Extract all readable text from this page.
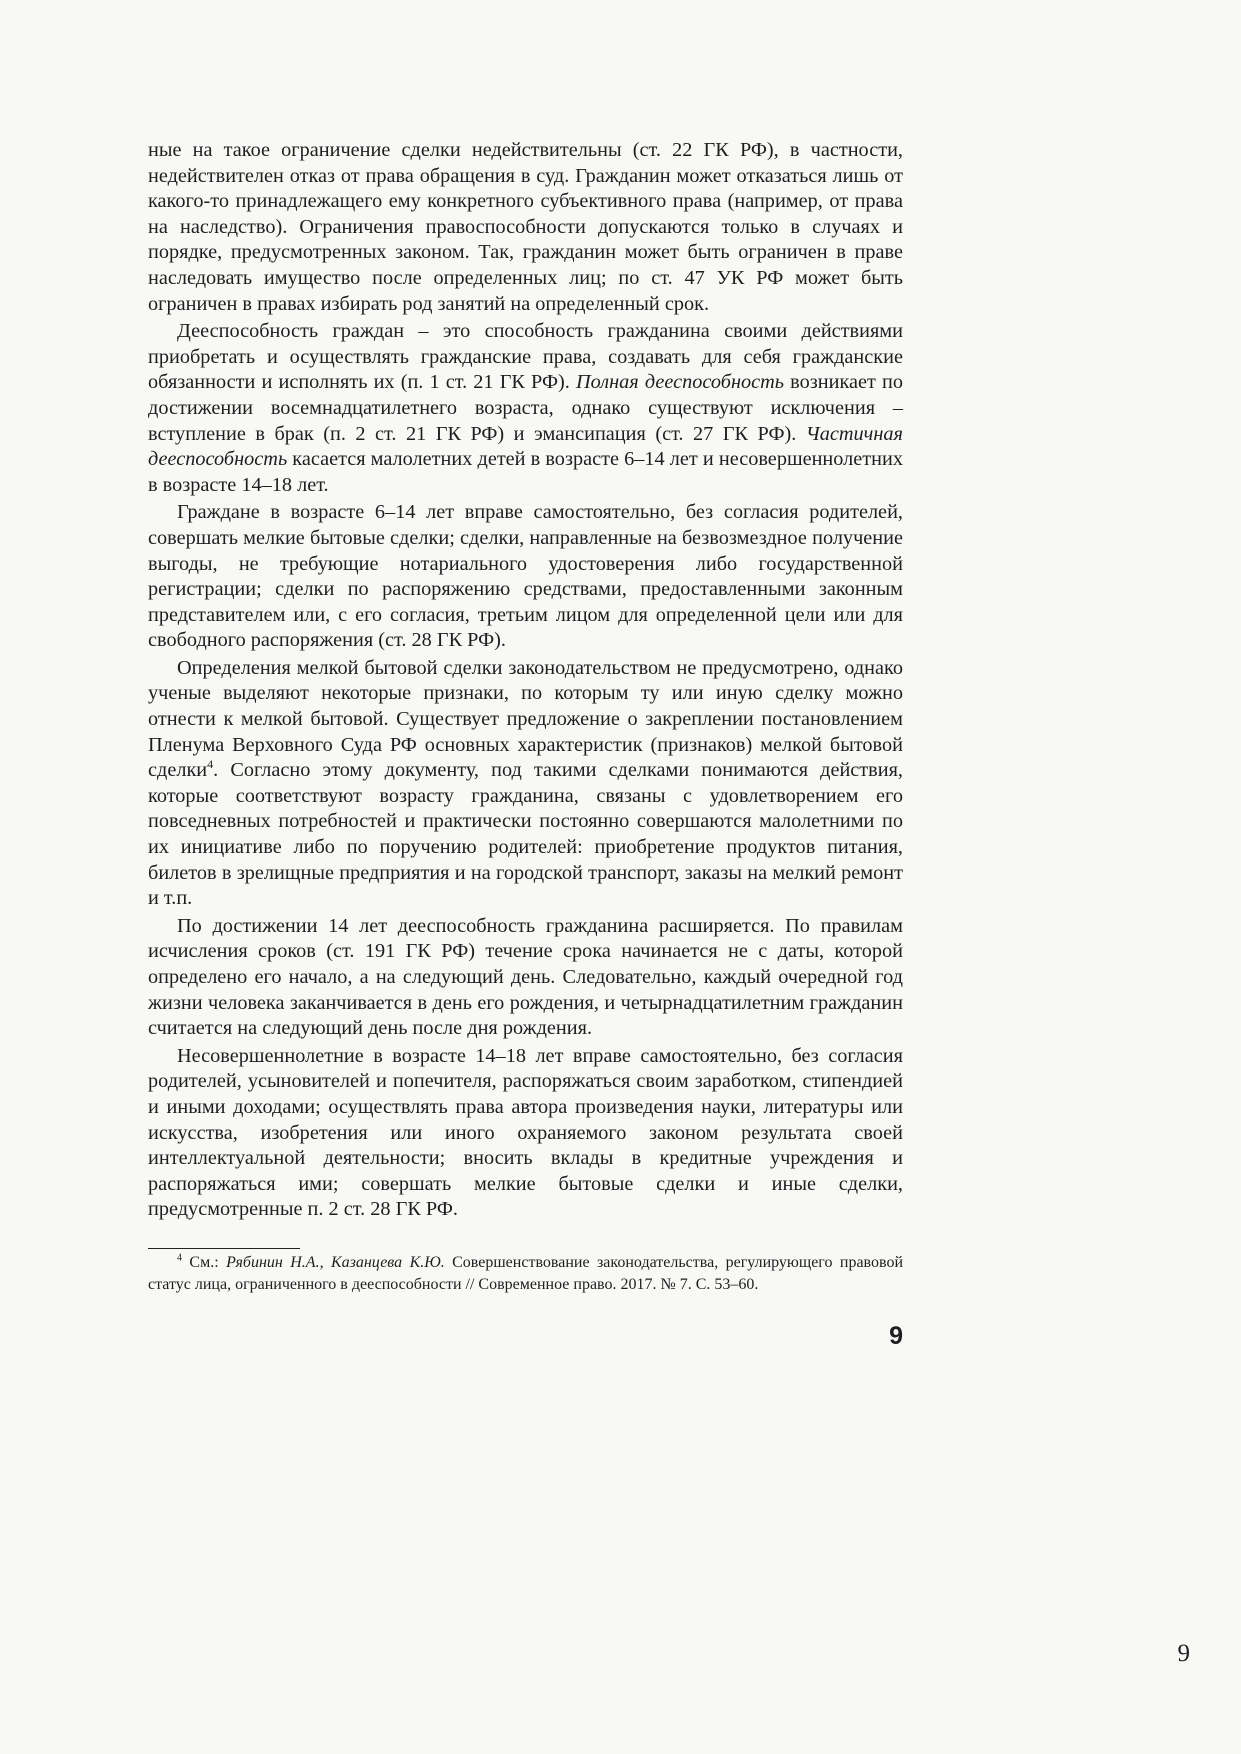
ные на такое ограничение сделки недействительны (ст. 22 ГК РФ), в частности, недействителен отказ от права обращения в суд. Гражданин может отказаться лишь от какого-то принадлежащего ему конкретного субъективного права (например, от права на наследство). Ограничения правоспособности допускаются только в случаях и порядке, предусмотренных законом. Так, гражданин может быть ограничен в праве наследовать имущество после определенных лиц; по ст. 47 УК РФ может быть ограничен в правах избирать род занятий на определенный срок.

Дееспособность граждан – это способность гражданина своими действиями приобретать и осуществлять гражданские права, создавать для себя гражданские обязанности и исполнять их (п. 1 ст. 21 ГК РФ). Полная дееспособность возникает по достижении восемнадцатилетнего возраста, однако существуют исключения – вступление в брак (п. 2 ст. 21 ГК РФ) и эмансипация (ст. 27 ГК РФ). Частичная дееспособность касается малолетних детей в возрасте 6–14 лет и несовершеннолетних в возрасте 14–18 лет.

Граждане в возрасте 6–14 лет вправе самостоятельно, без согласия родителей, совершать мелкие бытовые сделки; сделки, направленные на безвозмездное получение выгоды, не требующие нотариального удостоверения либо государственной регистрации; сделки по распоряжению средствами, предоставленными законным представителем или, с его согласия, третьим лицом для определенной цели или для свободного распоряжения (ст. 28 ГК РФ).

Определения мелкой бытовой сделки законодательством не предусмотрено, однако ученые выделяют некоторые признаки, по которым ту или иную сделку можно отнести к мелкой бытовой. Существует предложение о закреплении постановлением Пленума Верховного Суда РФ основных характеристик (признаков) мелкой бытовой сделки$^4$. Согласно этому документу, под такими сделками понимаются действия, которые соответствуют возрасту гражданина, связаны с удовлетворением его повседневных потребностей и практически постоянно совершаются малолетними по их инициативе либо по поручению родителей: приобретение продуктов питания, билетов в зрелищные предприятия и на городской транспорт, заказы на мелкий ремонт и т.п.

По достижении 14 лет дееспособность гражданина расширяется. По правилам исчисления сроков (ст. 191 ГК РФ) течение срока начинается не с даты, которой определено его начало, а на следующий день. Следовательно, каждый очередной год жизни человека заканчивается в день его рождения, и четырнадцатилетним гражданин считается на следующий день после дня рождения.

Несовершеннолетние в возрасте 14–18 лет вправе самостоятельно, без согласия родителей, усыновителей и попечителя, распоряжаться своим заработком, стипендией и иными доходами; осуществлять права автора произведения науки, литературы или искусства, изобретения или иного охраняемого законом результата своей интеллектуальной деятельности; вносить вклады в кредитные учреждения и распоряжаться ими; совершать мелкие бытовые сделки и иные сделки, предусмотренные п. 2 ст. 28 ГК РФ.

$^4$ См.: Рябинин Н.А., Казанцева К.Ю. Совершенствование законодательства, регулирующего правовой статус лица, ограниченного в дееспособности // Современное право. 2017. № 7. С. 53–60.

9
9
